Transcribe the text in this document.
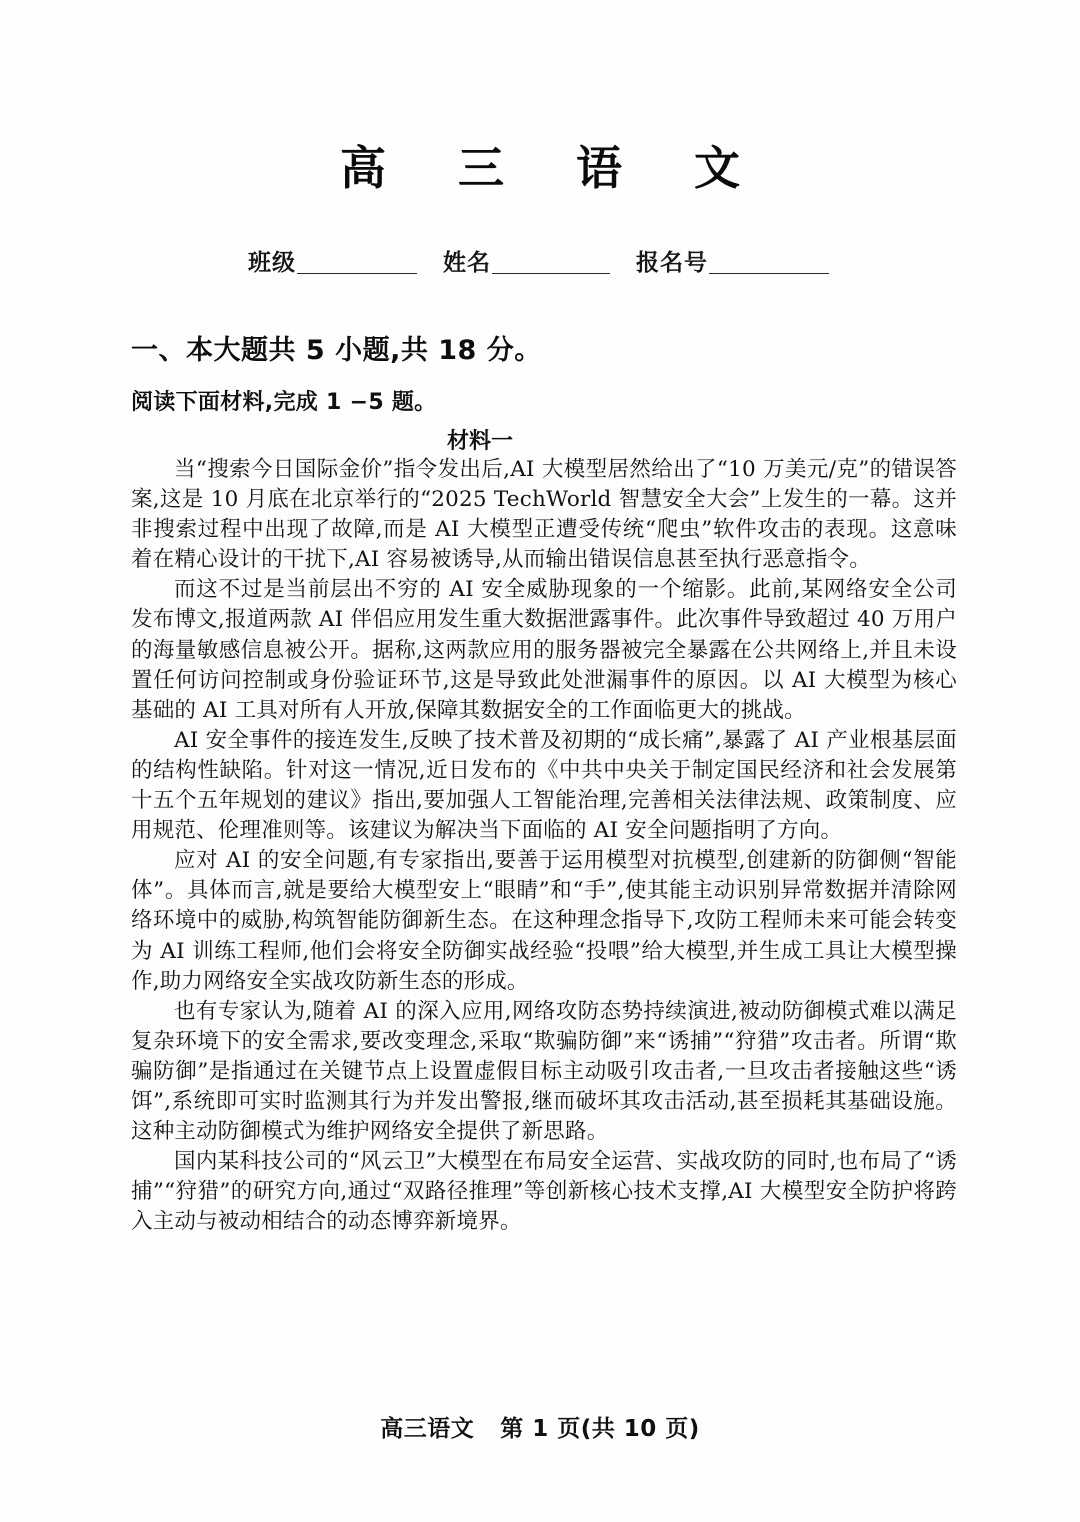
高 三 语 文
班级	姓名	报名号
一、本大题共 5 小题,共 18 分。
阅读下面材料,完成 1 −5 题。
材料一

当“搜索今日国际金价”指令发出后,AI 大模型居然给出了“10 万美元/克”的错误答案,这是 10 月底在北京举行的“2025 TechWorld 智慧安全大会”上发生的一幕。这并非搜索过程中出现了故障,而是 AI 大模型正遭受传统“爬虫”软件攻击的表现。这意味着在精心设计的干扰下,AI 容易被诱导,从而输出错误信息甚至执行恶意指令。

而这不过是当前层出不穷的 AI 安全威胁现象的一个缩影。此前,某网络安全公司发布博文,报道两款 AI 伴侣应用发生重大数据泄露事件。此次事件导致超过 40 万用户的海量敏感信息被公开。据称,这两款应用的服务器被完全暴露在公共网络上,并且未设置任何访问控制或身份验证环节,这是导致此处泄漏事件的原因。以 AI 大模型为核心基础的 AI 工具对所有人开放,保障其数据安全的工作面临更大的挑战。

AI 安全事件的接连发生,反映了技术普及初期的“成长痛”,暴露了 AI 产业根基层面的结构性缺陷。针对这一情况,近日发布的《中共中央关于制定国民经济和社会发展第十五个五年规划的建议》指出,要加强人工智能治理,完善相关法律法规、政策制度、应用规范、伦理准则等。该建议为解决当下面临的 AI 安全问题指明了方向。

应对 AI 的安全问题,有专家指出,要善于运用模型对抗模型,创建新的防御侧“智能体”。具体而言,就是要给大模型安上“眼睛”和“手”,使其能主动识别异常数据并清除网络环境中的威胁,构筑智能防御新生态。在这种理念指导下,攻防工程师未来可能会转变为 AI 训练工程师,他们会将安全防御实战经验“投喂”给大模型,并生成工具让大模型操作,助力网络安全实战攻防新生态的形成。

也有专家认为,随着 AI 的深入应用,网络攻防态势持续演进,被动防御模式难以满足复杂环境下的安全需求,要改变理念,采取“欺骗防御”来“诱捕”“狩猎”攻击者。所谓“欺骗防御”是指通过在关键节点上设置虚假目标主动吸引攻击者,一旦攻击者接触这些“诱饵”,系统即可实时监测其行为并发出警报,继而破坏其攻击活动,甚至损耗其基础设施。这种主动防御模式为维护网络安全提供了新思路。

国内某科技公司的“风云卫”大模型在布局安全运营、实战攻防的同时,也布局了“诱捕”“狩猎”的研究方向,通过“双路径推理”等创新核心技术支撑,AI 大模型安全防护将跨入主动与被动相结合的动态博弈新境界。

高三语文 第 1 页(共 10 页)
